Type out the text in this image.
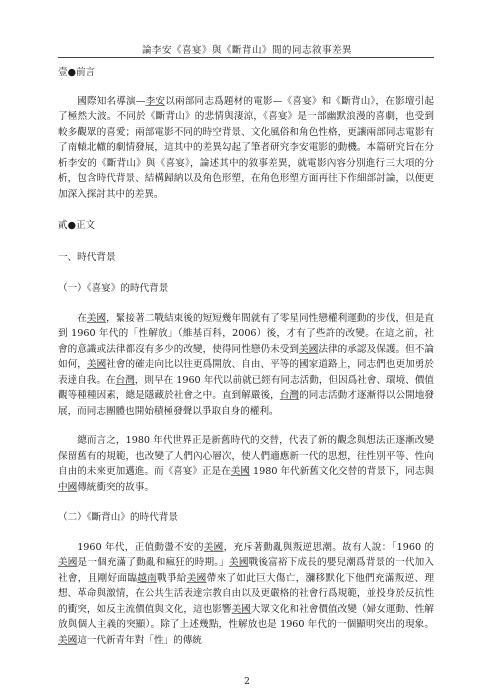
論李安《喜宴》與《斷背山》間的同志敘事差異
壹●前言

國際知名導演—李安以兩部同志爲題材的電影—《喜宴》和《斷背山》，在影壇引起了極然大波。不同於《斷背山》的悲情與淒涼，《喜宴》是一部幽默浪漫的喜劇，也受到較多觀眾的喜愛；兩部電影不同的時空背景、文化風俗和角色性格，更讓兩部同志電影有了南轅北轍的劇情發展，這其中的差異勾起了筆者研究李安電影的動機。本篇研究旨在分析李安的《斷背山》與《喜宴》，論述其中的敘事差異，就電影內容分別進行三大項的分析，包含時代背景、結構歸納以及角色形塑，在角色形塑方面再往下作細部討論，以便更加深入探討其中的差異。

貳●正文
一、時代背景
（一）《喜宴》的時代背景

在美國，緊接著二戰結束後的短短幾年間就有了零星同性戀權利運動的步伐，但是直到 1960 年代的「性解放」（維基百科，2006）後，才有了些許的改變。在這之前，社會的意識或法律都沒有多少的改變，使得同性戀仍未受到美國法律的承認及保護。但不論如何，美國社會的確走向比以往更爲開放、自由、平等的國家道路上，同志們也更加勇於表達自我。在台灣，則早在 1960 年代以前就已經有同志活動，但因爲社會、環境、價值觀等種種因素，總是隱藏於社會之中。直到解嚴後，台灣的同志活動才逐漸得以公開地發展，而同志團體也開始積極發聲以爭取自身的權利。

總而言之，1980 年代世界正是新舊時代的交替，代表了新的觀念與想法正逐漸改變保留舊有的規範，也改變了人們內心層次，使人們適應新一代的思想，往性別平等、性向自由的未來更加邁進。而《喜宴》正是在美國 1980 年代新舊文化交替的背景下，同志與中國傳統衝突的故事。

（二）《斷背山》的時代背景

1960 年代，正值動盪不安的美國，充斥著動亂與叛逆思潮。故有人說：「1960 的美國是一個充滿了動亂和瘋狂的時期。」美國戰後富裕下成長的嬰兒潮爲背景的一代加入社會，且剛好面臨越南戰爭給美國帶來了如此巨大傷亡，瀰移默化下他們充滿叛逆、理想、革命與激情，在公共生活表達宗教自由以及更嚴格的社會行爲規範，並投身於反抗性的衝突，如反主流價值與文化，這也影響美國大眾文化和社會價值改變（婦女運動、性解放與個人主義的突顯）。除了上述幾點，性解放也是 1960 年代的一個顯明突出的現象。美國這一代新青年對「性」的傳統

2
